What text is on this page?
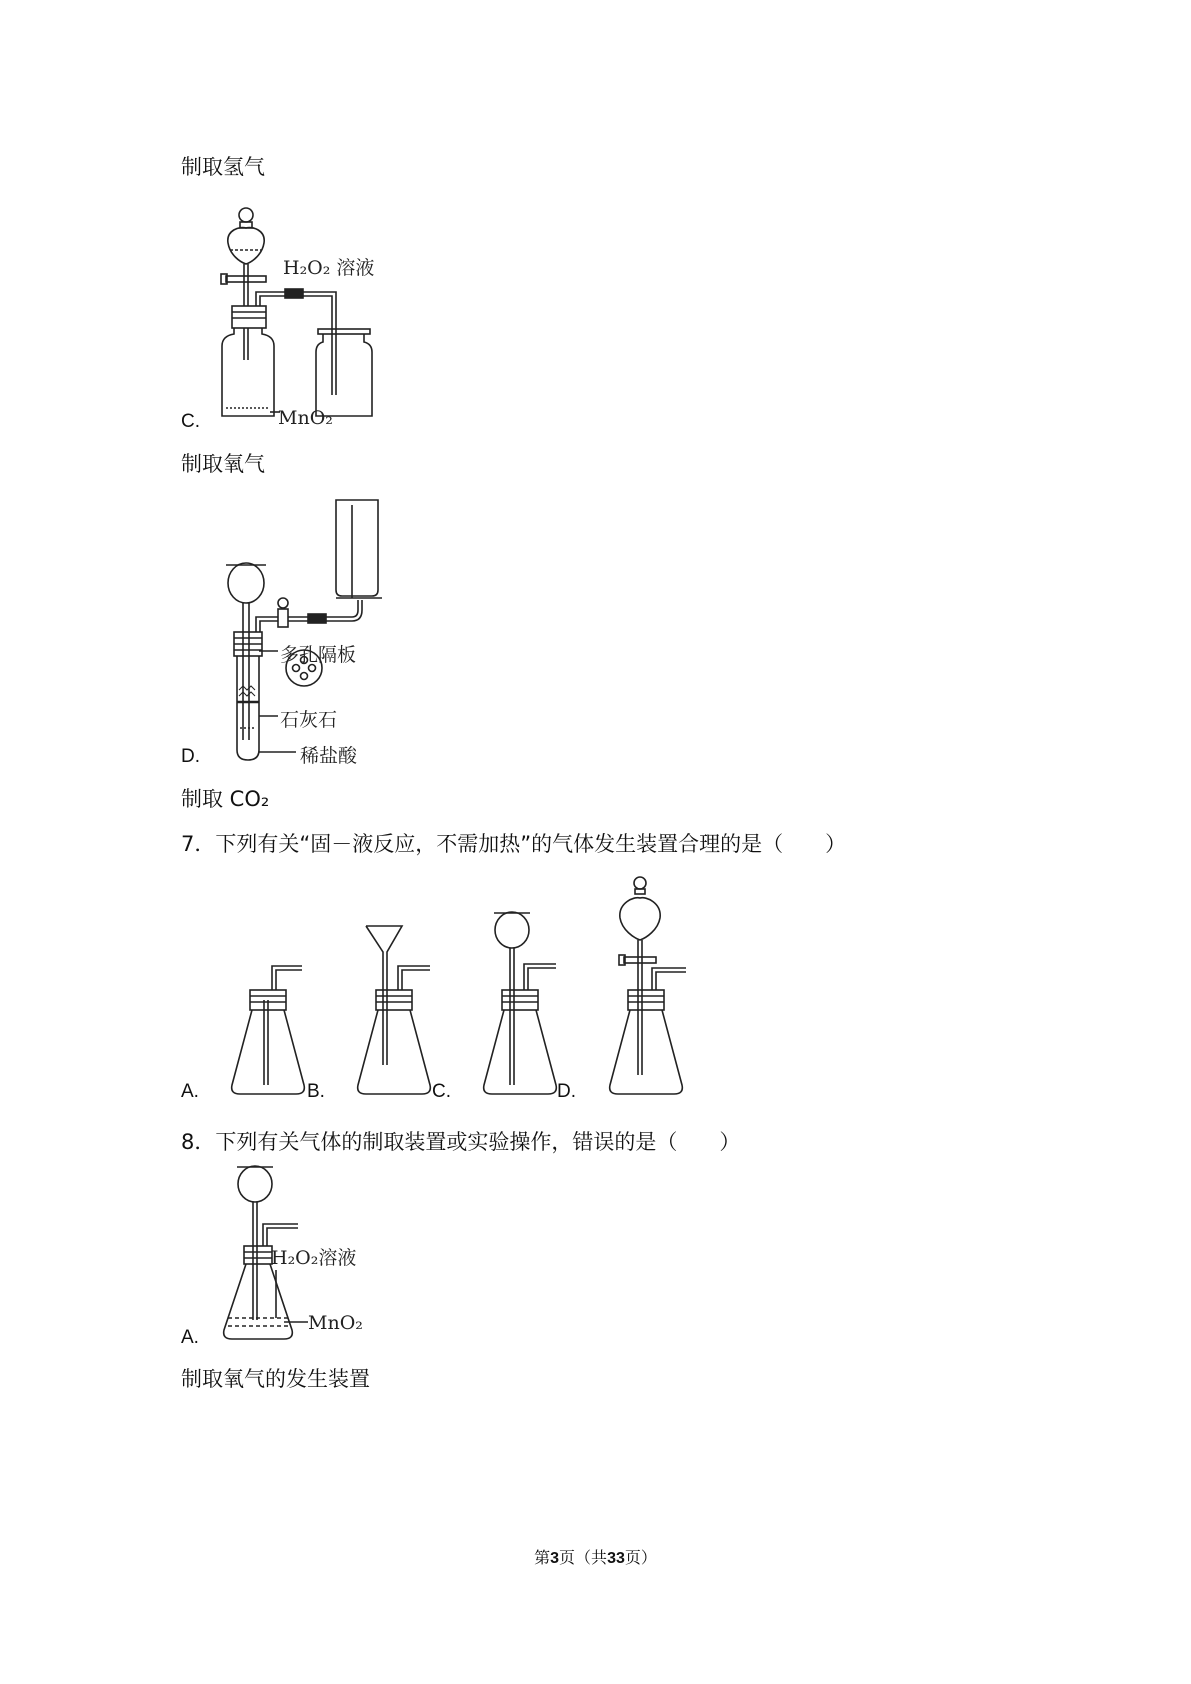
制取氢气
制取氧气
制取 CO₂
7．下列有关“固－液反应，不需加热”的气体发生装置合理的是（　　）
8．下列有关气体的制取装置或实验操作，错误的是（　　）
制取氧气的发生装置
C.
D.
A.	B.	C.	D.
A.
H₂O₂ 溶液
MnO₂
多孔隔板
石灰石
稀盐酸
H₂O₂溶液
MnO₂
第3页（共33页）
